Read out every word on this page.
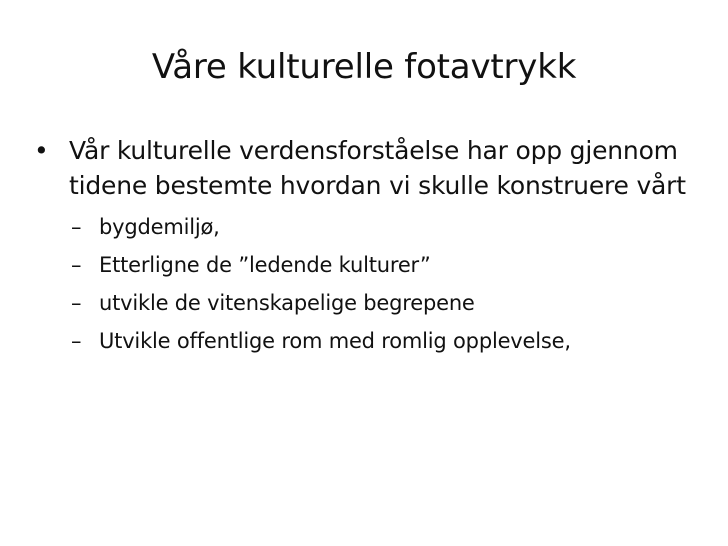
Våre kulturelle fotavtrykk
• Vår kulturelle verdensforståelse har opp gjennom tidene bestemte hvordan vi skulle konstruere vårt
– bygdemiljø,
– Etterligne de ”ledende kulturer”
– utvikle de vitenskapelige begrepene
– Utvikle offentlige rom med romlig opplevelse,
